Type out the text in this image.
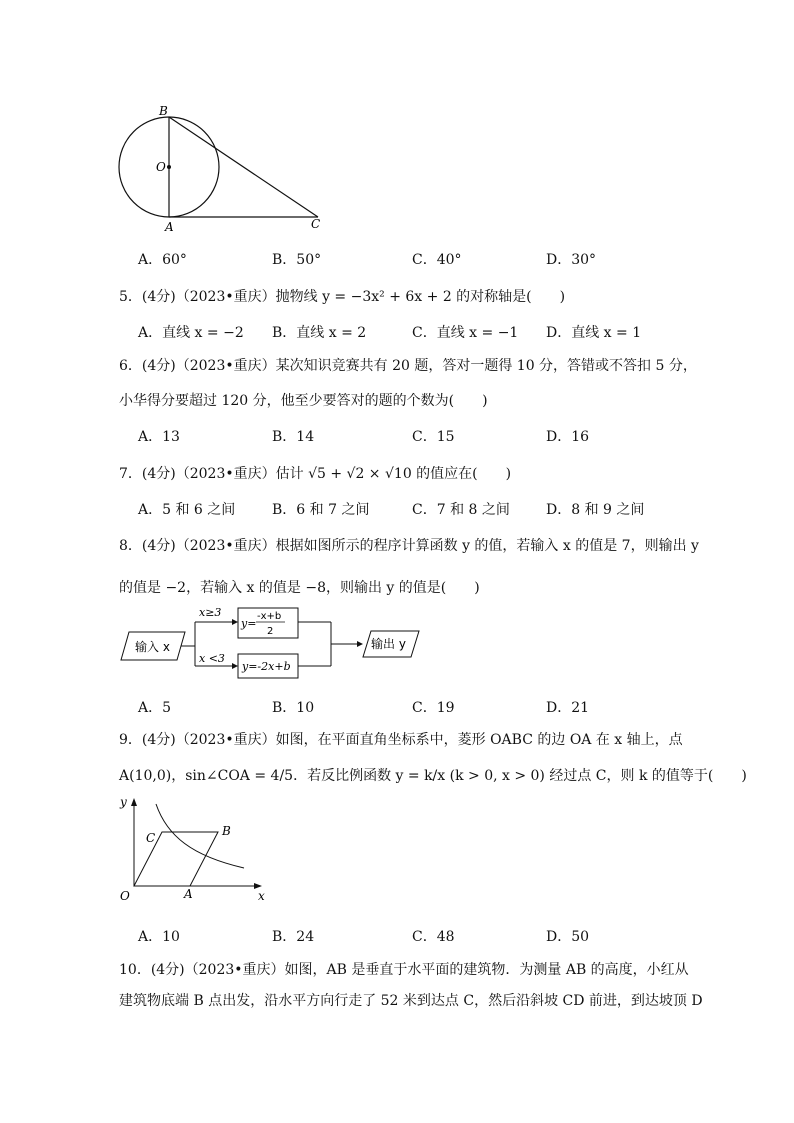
B
O
A	C
A．60°	B．50°	C．40°	D．30°
5．(4分)（2023•重庆）抛物线 y = −3x² + 6x + 2 的对称轴是(　　)
A．直线 x = −2 B．直线 x = 2	C．直线 x = −1 D．直线 x = 1
6．(4分)（2023•重庆）某次知识竞赛共有 20 题，答对一题得 10 分，答错或不答扣 5 分，
小华得分要超过 120 分，他至少要答对的题的个数为(　　)
A．13	B．14	C．15	D．16
7．(4分)（2023•重庆）估计 √5 + √2 × √10 的值应在(　　)
A．5 和 6 之间	B．6 和 7 之间	C．7 和 8 之间	D．8 和 9 之间
8．(4分)（2023•重庆）根据如图所示的程序计算函数 y 的值，若输入 x 的值是 7，则输出 y
的值是 −2，若输入 x 的值是 −8，则输出 y 的值是(　　)
输入 x
x≥3
x <3
y=
-x+b
2
y=-2x+b
输出 y
A．5	B．10	C．19	D．21
9．(4分)（2023•重庆）如图，在平面直角坐标系中，菱形 OABC 的边 OA 在 x 轴上，点
A(10,0)，sin∠COA = 4/5．若反比例函数 y = k/x (k > 0, x > 0) 经过点 C，则 k 的值等于(　　)
y
x
O	A
B
C
A．10	B．24	C．48	D．50
10．(4分)（2023•重庆）如图，AB 是垂直于水平面的建筑物．为测量 AB 的高度，小红从
建筑物底端 B 点出发，沿水平方向行走了 52 米到达点 C，然后沿斜坡 CD 前进，到达坡顶 D
